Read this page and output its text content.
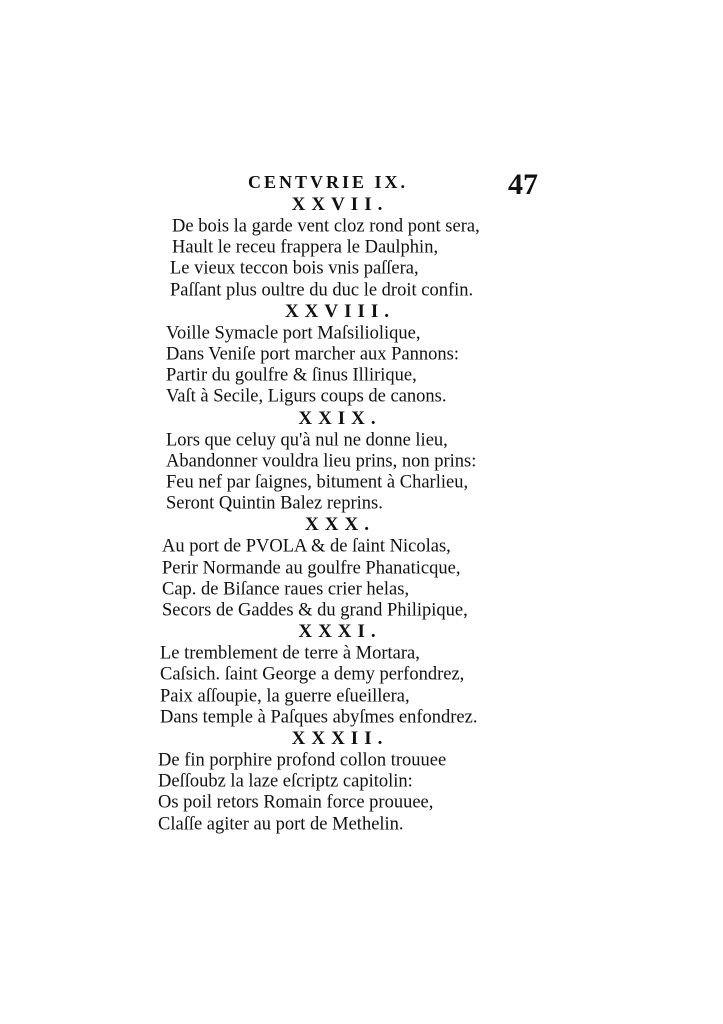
CENTVRIE IX.	47
XXVII.
De bois la garde vent cloz rond pont sera,
Hault le receu frappera le Daulphin,
Le vieux teccon bois vnis paſſera,
Paſſant plus oultre du duc le droit confin.
XXVIII.
Voille Symacle port Maſsiliolique,
Dans Veniſe port marcher aux Pannons:
Partir du goulfre & ſinus Illirique,
Vaſt à Secile, Ligurs coups de canons.
XXIX.
Lors que celuy qu'à nul ne donne lieu,
Abandonner vouldra lieu prins, non prins:
Feu nef par ſaignes, bitument à Charlieu,
Seront Quintin Balez reprins.
XXX.
Au port de PVOLA & de ſaint Nicolas,
Perir Normande au goulfre Phanaticque,
Cap. de Biſance raues crier helas,
Secors de Gaddes & du grand Philipique,
XXXI.
Le tremblement de terre à Mortara,
Caſsich. ſaint George a demy perfondrez,
Paix aſſoupie, la guerre eſueillera,
Dans temple à Paſques abyſmes enfondrez.
XXXII.
De fin porphire profond collon trouuee
Deſſoubz la laze eſcriptz capitolin:
Os poil retors Romain force prouuee,
Claſſe agiter au port de Methelin.
